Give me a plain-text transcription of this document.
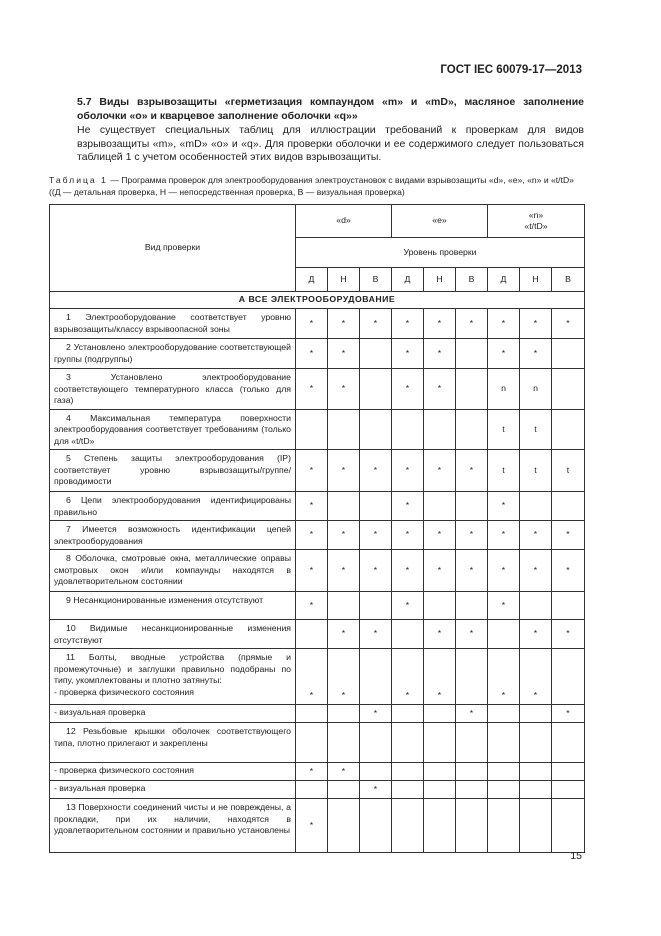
ГОСТ IEC 60079-17—2013
5.7 Виды взрывозащиты «герметизация компаундом «m» и «mD», масляное заполнение оболочки «о» и кварцевое заполнение оболочки «q»»
Не существует специальных таблиц для иллюстрации требований к проверкам для видов взрывозащиты «m», «mD» «о» и «q». Для проверки оболочки и ее содержимого следует пользоваться таблицей 1 с учетом особенностей этих видов взрывозащиты.
Таблица 1 — Программа проверок для электрооборудования электроустановок с видами взрывозащиты «d», «е», «n» и «t/tD» ((Д — детальная проверка, Н — непосредственная проверка, В — визуальная проверка)
Вид проверки	«d»			«е»			«n»
«t/tD»		
	Уровень проверки								
	Д	Н	В	Д	Н	В	Д	Н	В
А ВСЕ ЭЛЕКТРООБОРУДОВАНИЕ									
1 Электрооборудование соответствует уровню взрывозащиты/классу взрывоопасной зоны	*	*	*	*	*	*	*	*	*
2 Установлено электрооборудование соответствующей группы (подгруппы)	*	*		*	*		*	*	
3 Установлено электрооборудование соответствующего температурного класса (только для газа)	*	*		*	*		n	n	
4 Максимальная температура поверхности электрооборудования соответствует требованиям (только для «t/tD»							t	t	
5 Степень защиты электрооборудования (IP) соответствует уровню взрывозащиты/группе/проводимости	*	*	*	*	*	*	t	t	t
6 Цепи электрооборудования идентифицированы правильно	*			*			*		
7 Имеется возможность идентификации цепей электрооборудования	*	*	*	*	*	*	*	*	*
8 Оболочка, смотровые окна, металлические оправы смотровых окон и/или компаунды находятся в удовлетворительном состоянии	*	*	*	*	*	*	*	*	*
9 Несанкционированные изменения отсутствуют	*			*			*		
10 Видимые несанкционированные изменения отсутствуют		*	*		*	*		*	*
11 Болты, вводные устройства (прямые и промежуточные) и заглушки правильно подобраны по типу, укомплектованы и плотно затянуты:
- проверка физического состояния	*	*		*	*		*	*	
- визуальная проверка			*			*			*
12 Резьбовые крышки оболочек соответствующего типа, плотно прилегают и закреплены									
- проверка физического состояния	*	*							
- визуальная проверка			*						
13 Поверхности соединений чисты и не повреждены, а прокладки, при их наличии, находятся в удовлетворительном состоянии и правильно установлены	*								
15
